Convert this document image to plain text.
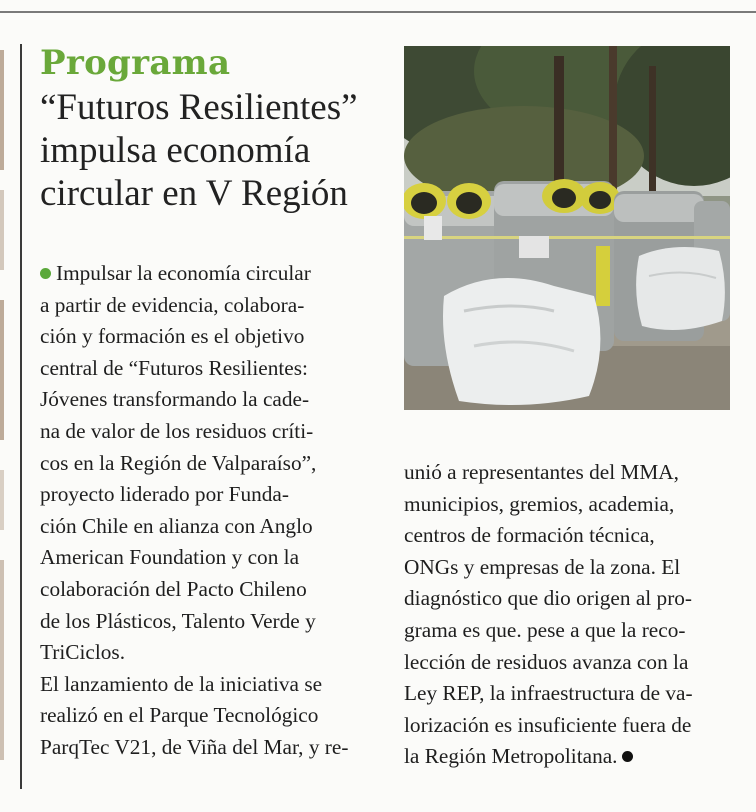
Programa
“Futuros Resilientes”
impulsa economía
circular en V Región
Impulsar la economía circular
a partir de evidencia, colabora-
ción y formación es el objetivo
central de “Futuros Resilientes:
Jóvenes transformando la cade-
na de valor de los residuos críti-
cos en la Región de Valparaíso”,
proyecto liderado por Funda-
ción Chile en alianza con Anglo
American Foundation y con la
colaboración del Pacto Chileno
de los Plásticos, Talento Verde y
TriCiclos.
El lanzamiento de la iniciativa se
realizó en el Parque Tecnológico
ParqTec V21, de Viña del Mar, y re-
unió a representantes del MMA,
municipios, gremios, academia,
centros de formación técnica,
ONGs y empresas de la zona. El
diagnóstico que dio origen al pro-
grama es que. pese a que la reco-
lección de residuos avanza con la
Ley REP, la infraestructura de va-
lorización es insuficiente fuera de
la Región Metropolitana.
